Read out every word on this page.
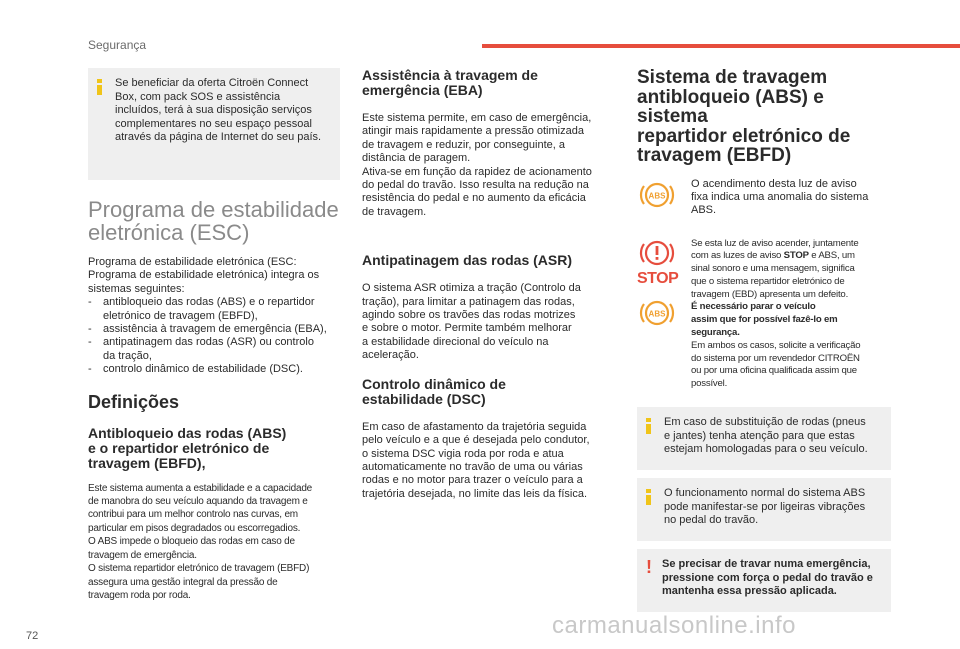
Segurança
Se beneficiar da oferta Citroën Connect
Box, com pack SOS e assistência
incluídos, terá à sua disposição serviços
complementares no seu espaço pessoal
através da página de Internet do seu país.
Programa de estabilidade
eletrónica (ESC)
Programa de estabilidade eletrónica (ESC:
Programa de estabilidade eletrónica) integra os
sistemas seguintes:
- antibloqueio das rodas (ABS) e o repartidor
eletrónico de travagem (EBFD),
- assistência à travagem de emergência (EBA),
- antipatinagem das rodas (ASR) ou controlo
da tração,
- controlo dinâmico de estabilidade (DSC).
Definições
Antibloqueio das rodas (ABS)
e o repartidor eletrónico de
travagem (EBFD),
Este sistema aumenta a estabilidade e a capacidade
de manobra do seu veículo aquando da travagem e
contribui para um melhor controlo nas curvas, em
particular em pisos degradados ou escorregadios.
O ABS impede o bloqueio das rodas em caso de
travagem de emergência.
O sistema repartidor eletrónico de travagem (EBFD)
assegura uma gestão integral da pressão de
travagem roda por roda.
Assistência à travagem de
emergência (EBA)
Este sistema permite, em caso de emergência,
atingir mais rapidamente a pressão otimizada
de travagem e reduzir, por conseguinte, a
distância de paragem.
Ativa-se em função da rapidez de acionamento
do pedal do travão. Isso resulta na redução na
resistência do pedal e no aumento da eficácia
de travagem.
Antipatinagem das rodas (ASR)
O sistema ASR otimiza a tração (Controlo da
tração), para limitar a patinagem das rodas,
agindo sobre os travões das rodas motrizes
e sobre o motor. Permite também melhorar
a estabilidade direcional do veículo na
aceleração.
Controlo dinâmico de
estabilidade (DSC)
Em caso de afastamento da trajetória seguida
pelo veículo e a que é desejada pelo condutor,
o sistema DSC vigia roda por roda e atua
automaticamente no travão de uma ou várias
rodas e no motor para trazer o veículo para a
trajetória desejada, no limite das leis da física.
Sistema de travagem
antibloqueio (ABS) e sistema
repartidor eletrónico de
travagem (EBFD)
ABS
O acendimento desta luz de aviso
fixa indica uma anomalia do sistema
ABS.
STOP
ABS
Se esta luz de aviso acender, juntamente
com as luzes de aviso STOP e ABS, um
sinal sonoro e uma mensagem, significa
que o sistema repartidor eletrónico de
travagem (EBD) apresenta um defeito.
É necessário parar o veículo
assim que for possível fazê-lo em
segurança.
Em ambos os casos, solicite a verificação
do sistema por um revendedor CITROËN
ou por uma oficina qualificada assim que
possível.
Em caso de substituição de rodas (pneus
e jantes) tenha atenção para que estas
estejam homologadas para o seu veículo.
O funcionamento normal do sistema ABS
pode manifestar-se por ligeiras vibrações
no pedal do travão.
! Se precisar de travar numa emergência,
pressione com força o pedal do travão e
mantenha essa pressão aplicada.
72	carmanualsonline.info
